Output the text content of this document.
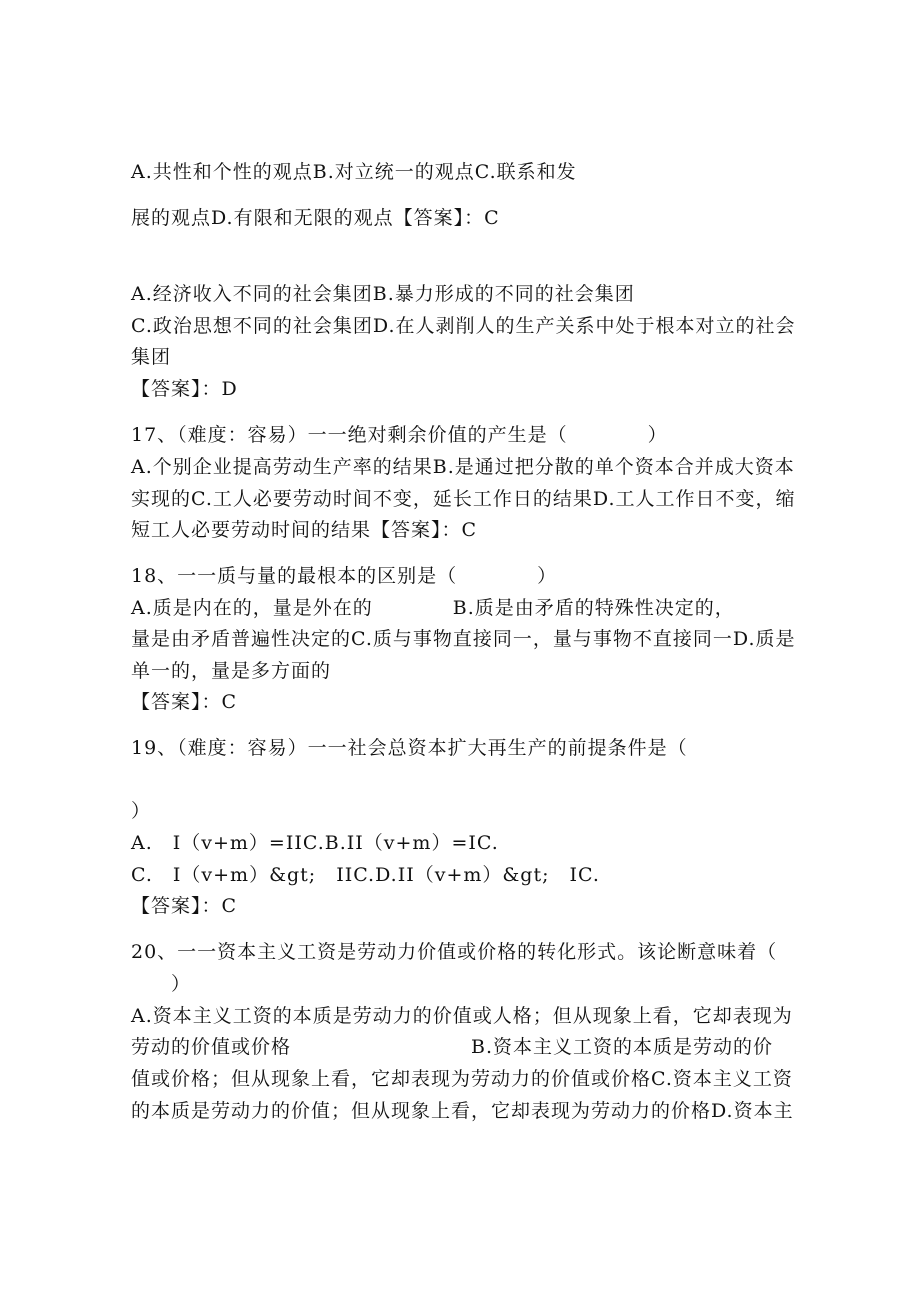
A.共性和个性的观点B.对立统一的观点C.联系和发
展的观点D.有限和无限的观点【答案】：C
A.经济收入不同的社会集团B.暴力形成的不同的社会集团
C.政治思想不同的社会集团D.在人剥削人的生产关系中处于根本对立的社会
集团
【答案】：D
17、（难度：容易）一一绝对剩余价值的产生是（　　　　）
A.个别企业提高劳动生产率的结果B.是通过把分散的单个资本合并成大资本
实现的C.工人必要劳动时间不变，延长工作日的结果D.工人工作日不变，缩
短工人必要劳动时间的结果【答案】：C
18、一一质与量的最根本的区别是（　　　　）
A.质是内在的，量是外在的　　　　B.质是由矛盾的特殊性决定的，
量是由矛盾普遍性决定的C.质与事物直接同一，量与事物不直接同一D.质是
单一的，量是多方面的
【答案】：C
19、（难度：容易）一一社会总资本扩大再生产的前提条件是（
）
A.　I（v+m）=IIC.B.II（v+m）=IC.
C.　I（v+m）&gt;　IIC.D.II（v+m）&gt;　IC.
【答案】：C
20、一一资本主义工资是劳动力价值或价格的转化形式。该论断意味着（
　　）
A.资本主义工资的本质是劳动力的价值或人格；但从现象上看，它却表现为
劳动的价值或价格　　　　　　　　　B.资本主义工资的本质是劳动的价
值或价格；但从现象上看，它却表现为劳动力的价值或价格C.资本主义工资
的本质是劳动力的价值；但从现象上看，它却表现为劳动力的价格D.资本主
